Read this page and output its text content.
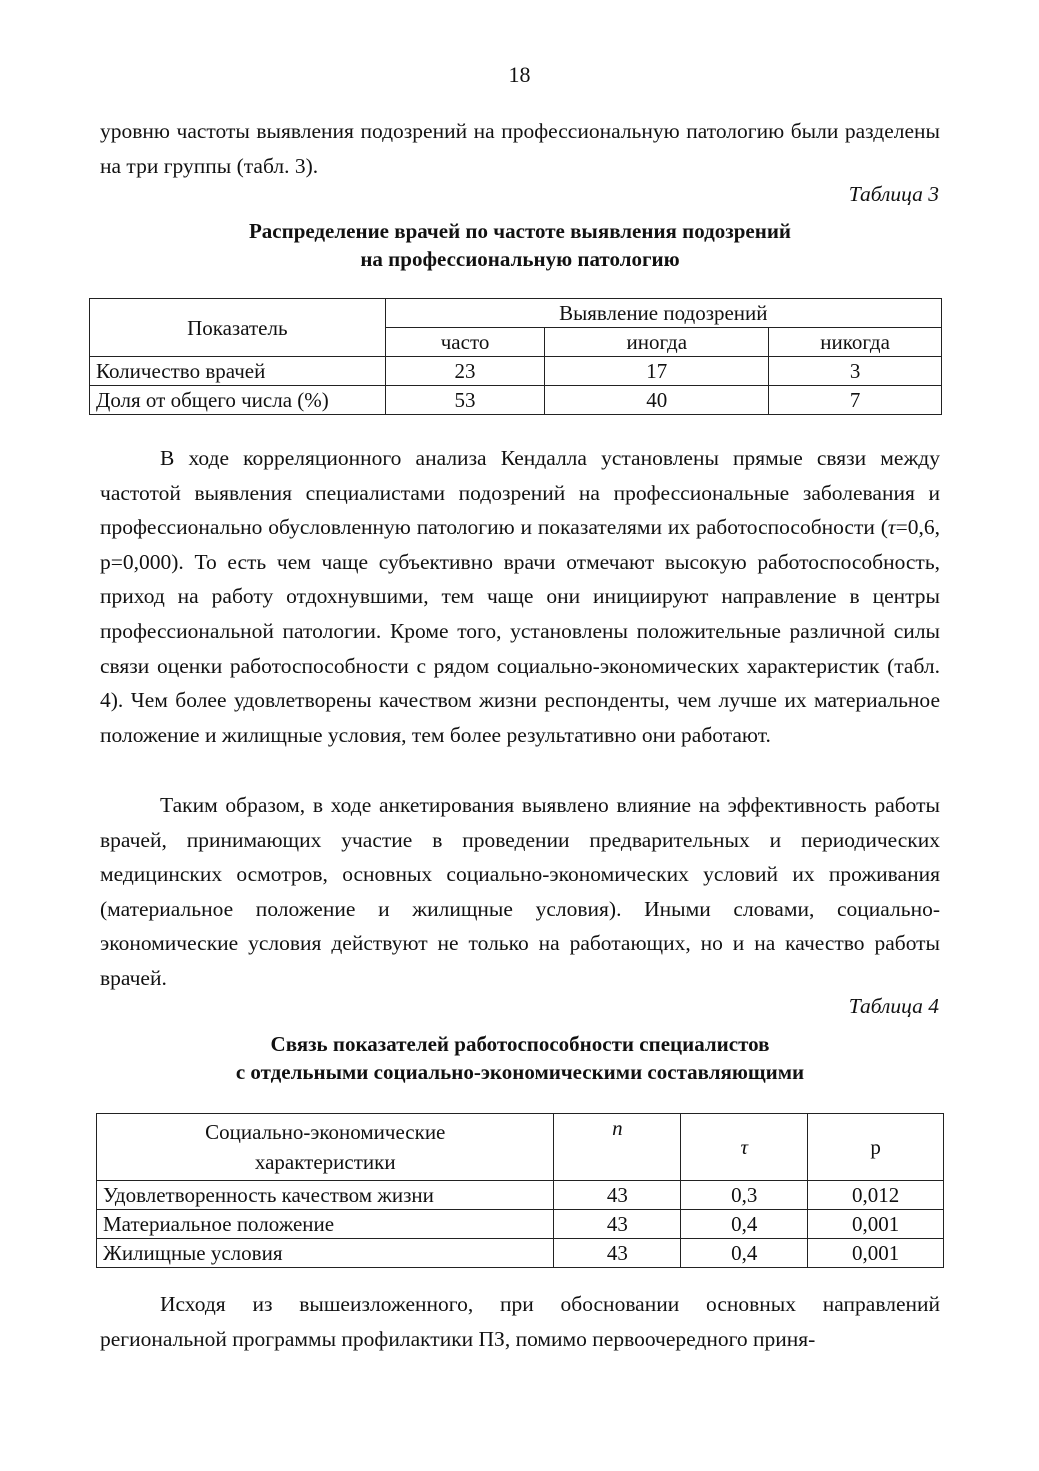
18

уровню частоты выявления подозрений на профессиональную патологию были разделены на три группы (табл. 3).

Таблица 3

Распределение врачей по частоте выявления подозрений
на профессиональную патологию

Показатель	Выявление подозрений		
	часто	иногда	никогда
Количество врачей	23	17	3
Доля от общего числа (%)	53	40	7

В ходе корреляционного анализа Кендалла установлены прямые связи между частотой выявления специалистами подозрений на профессиональные заболевания и профессионально обусловленную патологию и показателями их работоспособности (τ=0,6, р=0,000). То есть чем чаще субъективно врачи отмечают высокую работоспособность, приход на работу отдохнувшими, тем чаще они инициируют направление в центры профессиональной патологии. Кроме того, установлены положительные различной силы связи оценки работоспособности с рядом социально-экономических характеристик (табл. 4). Чем более удовлетворены качеством жизни респонденты, чем лучше их материальное положение и жилищные условия, тем более результативно они работают.

Таким образом, в ходе анкетирования выявлено влияние на эффективность работы врачей, принимающих участие в проведении предварительных и периодических медицинских осмотров, основных социально-экономических условий их проживания (материальное положение и жилищные условия). Иными словами, социально-экономические условия действуют не только на работающих, но и на качество работы врачей.

Таблица 4

Связь показателей работоспособности специалистов
с отдельными социально-экономическими составляющими

Социально-экономические
характеристики	n	τ	р
Удовлетворенность качеством жизни	43	0,3	0,012
Материальное положение	43	0,4	0,001
Жилищные условия	43	0,4	0,001

Исходя из вышеизложенного, при обосновании основных направлений региональной программы профилактики ПЗ, помимо первоочередного приня-
